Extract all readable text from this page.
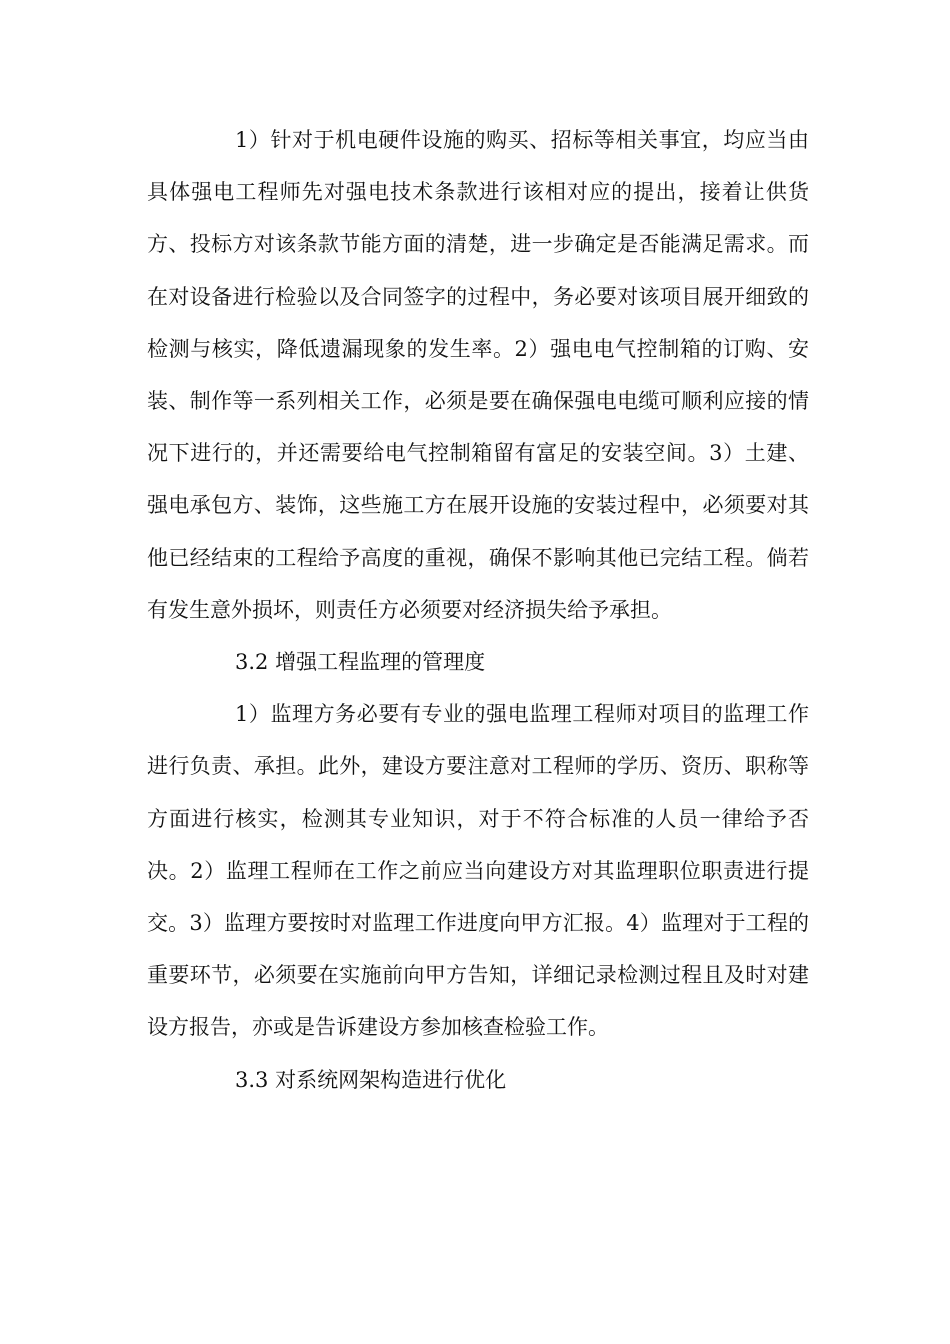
1）针对于机电硬件设施的购买、招标等相关事宜，均应当由具体强电工程师先对强电技术条款进行该相对应的提出，接着让供货方、投标方对该条款节能方面的清楚，进一步确定是否能满足需求。而在对设备进行检验以及合同签字的过程中，务必要对该项目展开细致的检测与核实，降低遗漏现象的发生率。2）强电电气控制箱的订购、安装、制作等一系列相关工作，必须是要在确保强电电缆可顺利应接的情况下进行的，并还需要给电气控制箱留有富足的安装空间。3）土建、强电承包方、装饰，这些施工方在展开设施的安装过程中，必须要对其他已经结束的工程给予高度的重视，确保不影响其他已完结工程。倘若有发生意外损坏，则责任方必须要对经济损失给予承担。

3.2 增强工程监理的管理度

1）监理方务必要有专业的强电监理工程师对项目的监理工作进行负责、承担。此外，建设方要注意对工程师的学历、资历、职称等方面进行核实，检测其专业知识，对于不符合标准的人员一律给予否决。2）监理工程师在工作之前应当向建设方对其监理职位职责进行提交。3）监理方要按时对监理工作进度向甲方汇报。4）监理对于工程的重要环节，必须要在实施前向甲方告知，详细记录检测过程且及时对建设方报告，亦或是告诉建设方参加核查检验工作。

3.3 对系统网架构造进行优化
